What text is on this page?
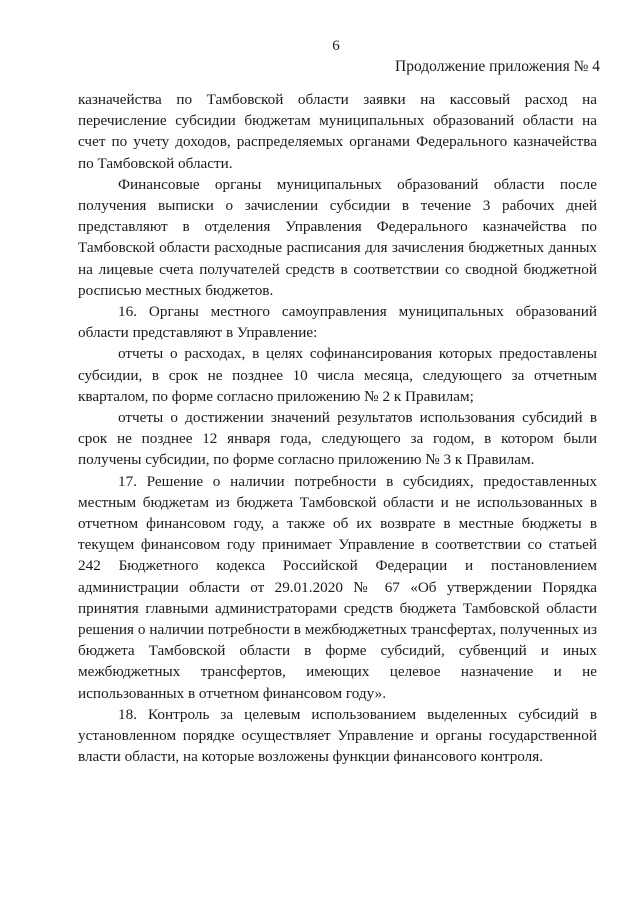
6
Продолжение приложения № 4

казначейства по Тамбовской области заявки на кассовый расход на перечисление субсидии бюджетам муниципальных образований области на счет по учету доходов, распределяемых органами Федерального казначейства по Тамбовской области.

Финансовые органы муниципальных образований области после получения выписки о зачислении субсидии в течение 3 рабочих дней представляют в отделения Управления Федерального казначейства по Тамбовской области расходные расписания для зачисления бюджетных данных на лицевые счета получателей средств в соответствии со сводной бюджетной росписью местных бюджетов.

16. Органы местного самоуправления муниципальных образований области представляют в Управление:

отчеты о расходах, в целях софинансирования которых предоставлены субсидии, в срок не позднее 10 числа месяца, следующего за отчетным кварталом, по форме согласно приложению № 2 к Правилам;

отчеты о достижении значений результатов использования субсидий в срок не позднее 12 января года, следующего за годом, в котором были получены субсидии, по форме согласно приложению № 3 к Правилам.

17. Решение о наличии потребности в субсидиях, предоставленных местным бюджетам из бюджета Тамбовской области и не использованных в отчетном финансовом году, а также об их возврате в местные бюджеты в текущем финансовом году принимает Управление в соответствии со статьей 242 Бюджетного кодекса Российской Федерации и постановлением администрации области от 29.01.2020 № 67 «Об утверждении Порядка принятия главными администраторами средств бюджета Тамбовской области решения о наличии потребности в межбюджетных трансфертах, полученных из бюджета Тамбовской области в форме субсидий, субвенций и иных межбюджетных трансфертов, имеющих целевое назначение и не использованных в отчетном финансовом году».

18. Контроль за целевым использованием выделенных субсидий в установленном порядке осуществляет Управление и органы государственной власти области, на которые возложены функции финансового контроля.
